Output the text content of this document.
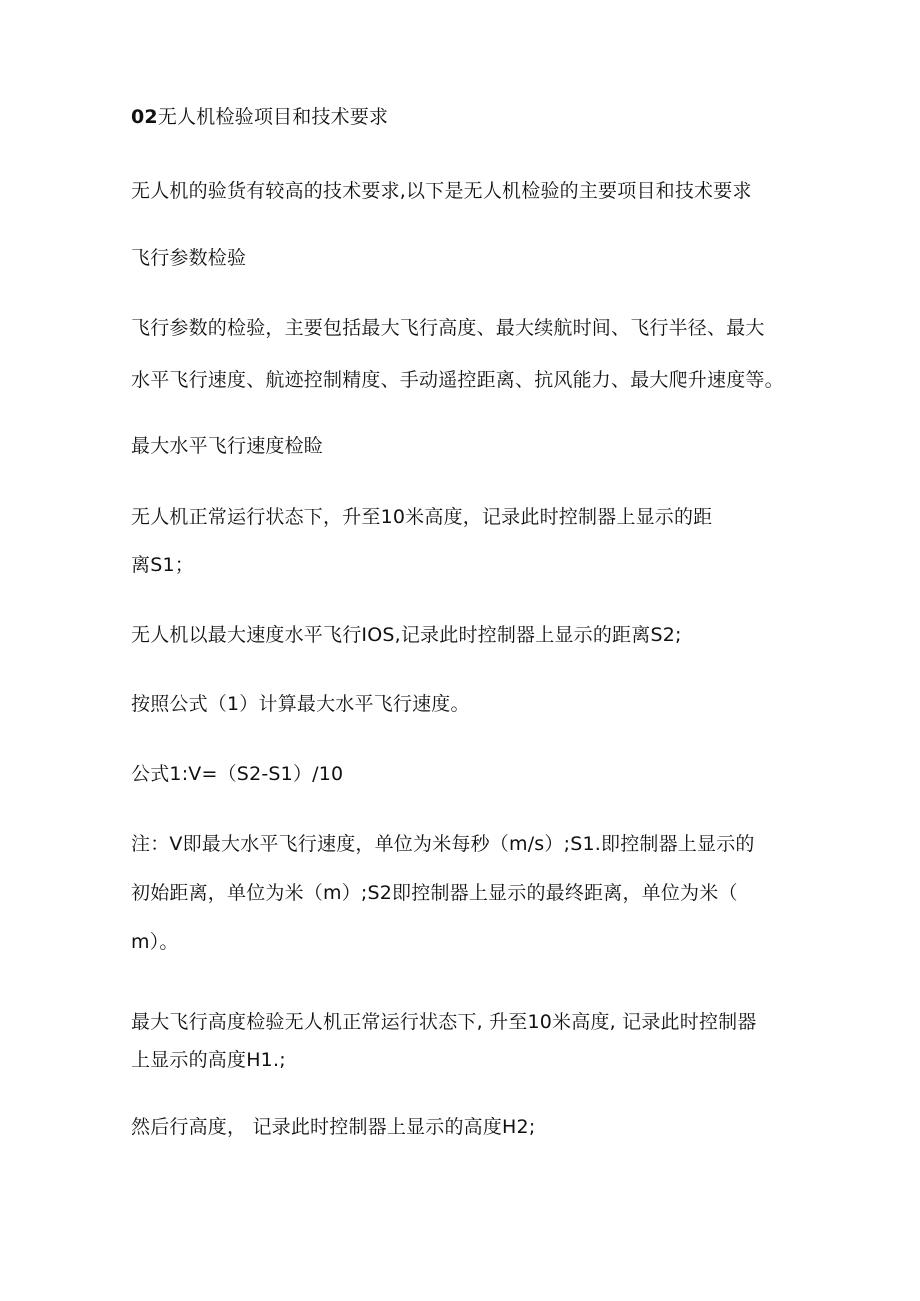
02无人机检验项目和技术要求
无人机的验货有较高的技术要求,以下是无人机检验的主要项目和技术要求
飞行参数检验
飞行参数的检验，主要包括最大飞行高度、最大续航时间、飞行半径、最大
水平飞行速度、航迹控制精度、手动遥控距离、抗风能力、最大爬升速度等。
最大水平飞行速度检睑
无人机正常运行状态下，升至10米高度，记录此时控制器上显示的距
离S1；
无人机以最大速度水平飞行IOS,记录此时控制器上显示的距离S2;
按照公式（1）计算最大水平飞行速度。
公式1:V=（S2-S1）/10
注：V即最大水平飞行速度，单位为米每秒（m/s）;S1.即控制器上显示的
初始距离，单位为米（m）;S2即控制器上显示的最终距离，单位为米（
m）。
最大飞行高度检验无人机正常运行状态下, 升至10米高度, 记录此时控制器
上显示的高度H1.;
然后行高度， 记录此时控制器上显示的高度H2;
